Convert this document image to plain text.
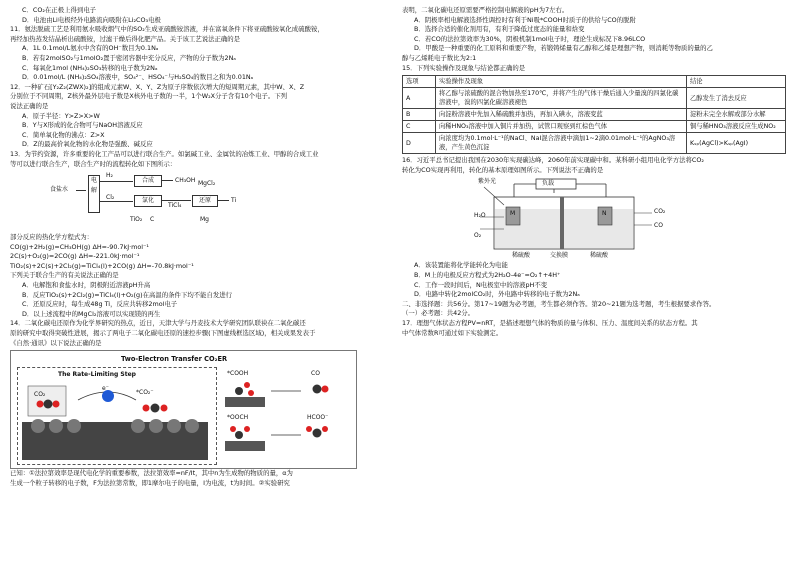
C．CO₂在正极上得到电子
D．电池由Li电极经外电路流向吸附在Li₂CO₃电极
11．氨法脱硫工艺是利用氨水吸收烟气中的SO₂生成亚硫酸铵溶液，并在富氧条件下将亚硫酸铵氧化成硫酸铵，
再经加热蒸发结晶析出硫酸铵，过滤干燥后得化肥产品。关于该工艺说法正确的是
A．1L 0.1mol/L氨水中含有的OH⁻数目为0.1Nₐ
B．若有2molSO₂与1molO₂置于密闭容器中充分反应，产物的分子数为2Nₐ
C．每氧化1mol (NH₄)₂SO₃转移的电子数为2Nₐ
D．0.01mol/L (NH₄)₂SO₄溶液中，SO₄²⁻、HSO₄⁻与H₂SO₄的数目之和为0.01Nₐ
12．一种矿石[Y₂Z₂(ZWX)₂]的组成元素W、X、Y、Z为原子序数依次增大的短周期元素，其中W、X、Z
分别位于不同周期，Z核外最外层电子数是X核外电子数的一半，1个W₂X分子含有10个电子。下列
说法正确的是
A．原子半径：Y>Z>X>W
B．Y与X形成的化合物可与NaOH溶液反应
C．简单氧化物的沸点：Z>X
D．Z的最高价氧化物的水化物是强酸、碱反应
13．为节约资源，许多重要的化工产品可以进行联合生产。如氯碱工业、金属钛的冶炼工业、甲醇的合成工业
等可以进行联合生产，联合生产时的流程转化如下图所示：
食盐水
电解
H₂
Cl₂
合成
氯化
CH₃OH
TiCl₄
还原	Ti
MgCl₂
Mg
TiO₂ C
部分反应的热化学方程式为：
CO(g)+2H₂(g)=CH₃OH(g) ΔH=-90.7kJ·mol⁻¹
2C(s)+O₂(g)=2CO(g) ΔH=-221.0kJ·mol⁻¹
TiO₂(s)+2C(s)+2Cl₂(g)=TiCl₄(l)+2CO(g) ΔH=-70.8kJ·mol⁻¹
下列关于联合生产的有关说法正确的是
A．电解饱和食盐水时，阴极附近溶液pH升高
B．反应TiO₂(s)+2Cl₂(g)=TiCl₄(l)+O₂(g)在高温的条件下均不能自发进行
C．还原反应时，每生成48g Ti，反应共转移2mol电子
D．以上述流程中的MgCl₂溶液可以实现镁的再生
14．二氧化碳电还原作为化学界研究的热点，近日，天津大学与丹麦技术大学研究团队联袂在二氧化碳还
原的研究中取得突破性进展，揭示了两电子二氧化碳电还原的速控步骤(下图虚线框选区域)，相关成果发表于
《自然·通讯》以下说法正确的是
Two-Electron Transfer CO₂ER
The Rate-Limiting Step
CO₂	*CO₂⁻
e⁻
*COOH
*OOCH
CO
HCOO⁻
已知：①法拉第效率是现代电化学的重要参数，法拉第效率=nF/It，其中n为生成物的物质的量，α为
生成一个粒子转移的电子数，F为法拉第常数，即1摩尔电子的电量，I为电流，t为时间。②实验研究
表明，二氧化碳电还原需要严格控制电解液的pH为7左右。
A．阴极率相电解液选择性调控时有利于Ni吸*COOH时质子的供给与CO的脱附
B．选择合适的催化剂用有，有利于降低过度态的能量和焓变
C．若CO的法拉第效率为30%，阴极机制1mol电子时，理论生成标况下8.96LCO
D．甲酸是一种重要的化工原料和重要产物，若锻铸烯量有乙醇和乙烯是理想产物，则消耗等物质的量的乙
醇与乙烯耗电子数比为2:1
15．下列实验操作及现象与结论都正确的是
选项	实验操作及现象	结论
A	将乙醇与浓硫酸的混合物加热至170℃，并将产生的气体干燥后通入少量溴的四氯化碳溶液中，溴的四氯化碳溶液褪色	乙醇发生了消去反应
B	向淀粉溶液中先加入稀硫酸并加热，再加入碘水，溶液变蓝	淀粉未完全水解或部分水解
C	向稀HNO₃溶液中加入铜片并加热，试管口观察到红棕色气体	铜与稀HNO₃溶液反应生成NO₂
D	向浓度均为0.1mol·L⁻¹的NaCl、NaI混合溶液中滴加1~2滴0.01mol·L⁻¹的AgNO₃溶液，产生黄色沉淀	Kₛₚ(AgCl)>Kₛₚ(AgI)
16．习近平总书记提出我国在2030年实现碳达峰，2060年前实现碳中和。某科研小组用电化学方法将CO₂
转化为CO实现再利用，转化的基本原理如图所示。下列说法不正确的是
负载
紫外光
M	N
H₂O
O₂
CO₂
CO
稀硫酸	交换膜	稀硫酸
A．该装置能将化学能转化为电能
B．M上的电极反应方程式为2H₂O-4e⁻=O₂↑+4H⁺
C．工作一段时间后，N电极室中的溶液pH不变
D．电路中转化2molCO₂时，外电路中转移的电子数为2Nₐ
二、非选择题：共56分。第17~19题为必考题，考生都必须作答。第20~21题为选考题，考生根据要求作答。
（一）必考题：共42分。
17．理想气体状态方程PV=nRT，是描述理想气体的物质的量与体积、压力、温度间关系的状态方程。其
中气体常数R可通过如下实验测定。
